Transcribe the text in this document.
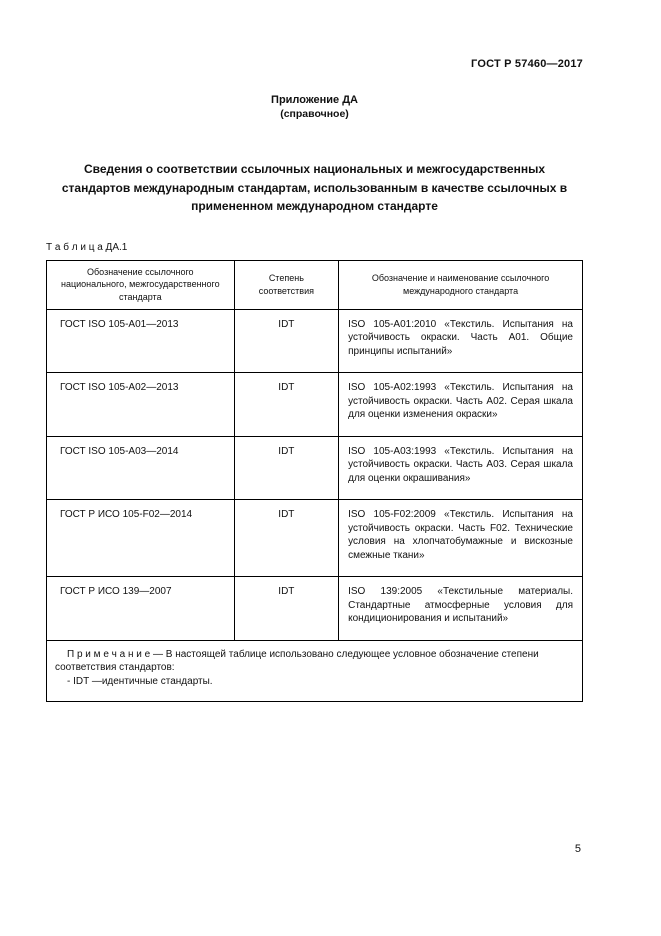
ГОСТ Р 57460—2017
Приложение ДА
(справочное)
Сведения о соответствии ссылочных национальных и межгосударственных стандартов международным стандартам, использованным в качестве ссылочных в примененном международном стандарте
Т а б л и ц а ДА.1
Обозначение ссылочного национального, межгосударственного стандарта	Степень соответствия	Обозначение и наименование ссылочного международного стандарта
ГОСТ ISO 105-A01—2013	IDT	ISO 105-A01:2010 «Текстиль. Испытания на устойчивость окраски. Часть А01. Общие принципы испытаний»
ГОСТ ISO 105-A02—2013	IDT	ISO 105-A02:1993 «Текстиль. Испытания на устойчивость окраски. Часть А02. Серая шкала для оценки изменения окраски»
ГОСТ ISO 105-A03—2014	IDT	ISO 105-A03:1993 «Текстиль. Испытания на устойчивость окраски. Часть А03. Серая шкала для оценки окрашивания»
ГОСТ Р ИСО 105-F02—2014	IDT	ISO 105-F02:2009 «Текстиль. Испытания на устойчивость окраски. Часть F02. Технические условия на хлопчатобумажные и вискозные смежные ткани»
ГОСТ Р ИСО 139—2007	IDT	ISO 139:2005 «Текстильные материалы. Стандартные атмосферные условия для кондиционирования и испытаний»

П р и м е ч а н и е — В настоящей таблице использовано следующее условное обозначение степени соответствия стандартов:
- IDT —идентичные стандарты.		
5
